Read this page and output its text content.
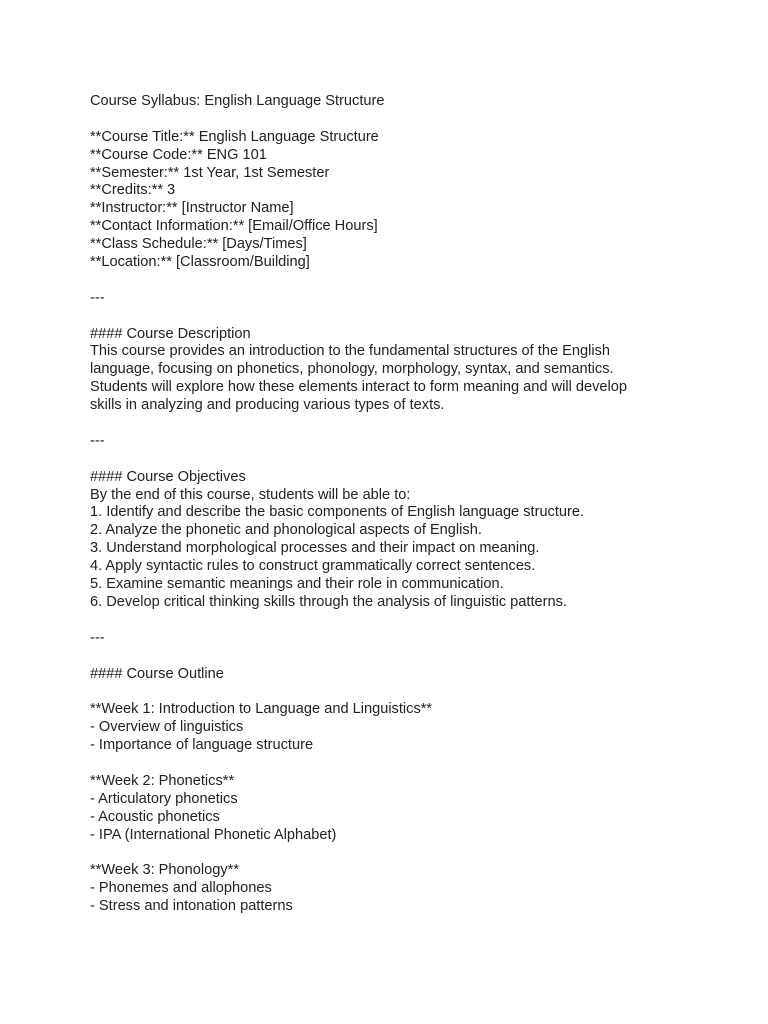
Course Syllabus: English Language Structure
**Course Title:** English Language Structure
**Course Code:** ENG 101
**Semester:** 1st Year, 1st Semester
**Credits:** 3
**Instructor:** [Instructor Name]
**Contact Information:** [Email/Office Hours]
**Class Schedule:** [Days/Times]
**Location:** [Classroom/Building]
---
#### Course Description
This course provides an introduction to the fundamental structures of the English
language, focusing on phonetics, phonology, morphology, syntax, and semantics.
Students will explore how these elements interact to form meaning and will develop
skills in analyzing and producing various types of texts.
---
#### Course Objectives
By the end of this course, students will be able to:
1. Identify and describe the basic components of English language structure.
2. Analyze the phonetic and phonological aspects of English.
3. Understand morphological processes and their impact on meaning.
4. Apply syntactic rules to construct grammatically correct sentences.
5. Examine semantic meanings and their role in communication.
6. Develop critical thinking skills through the analysis of linguistic patterns.
---
#### Course Outline
**Week 1: Introduction to Language and Linguistics**
- Overview of linguistics
- Importance of language structure
**Week 2: Phonetics**
- Articulatory phonetics
- Acoustic phonetics
- IPA (International Phonetic Alphabet)
**Week 3: Phonology**
- Phonemes and allophones
- Stress and intonation patterns
